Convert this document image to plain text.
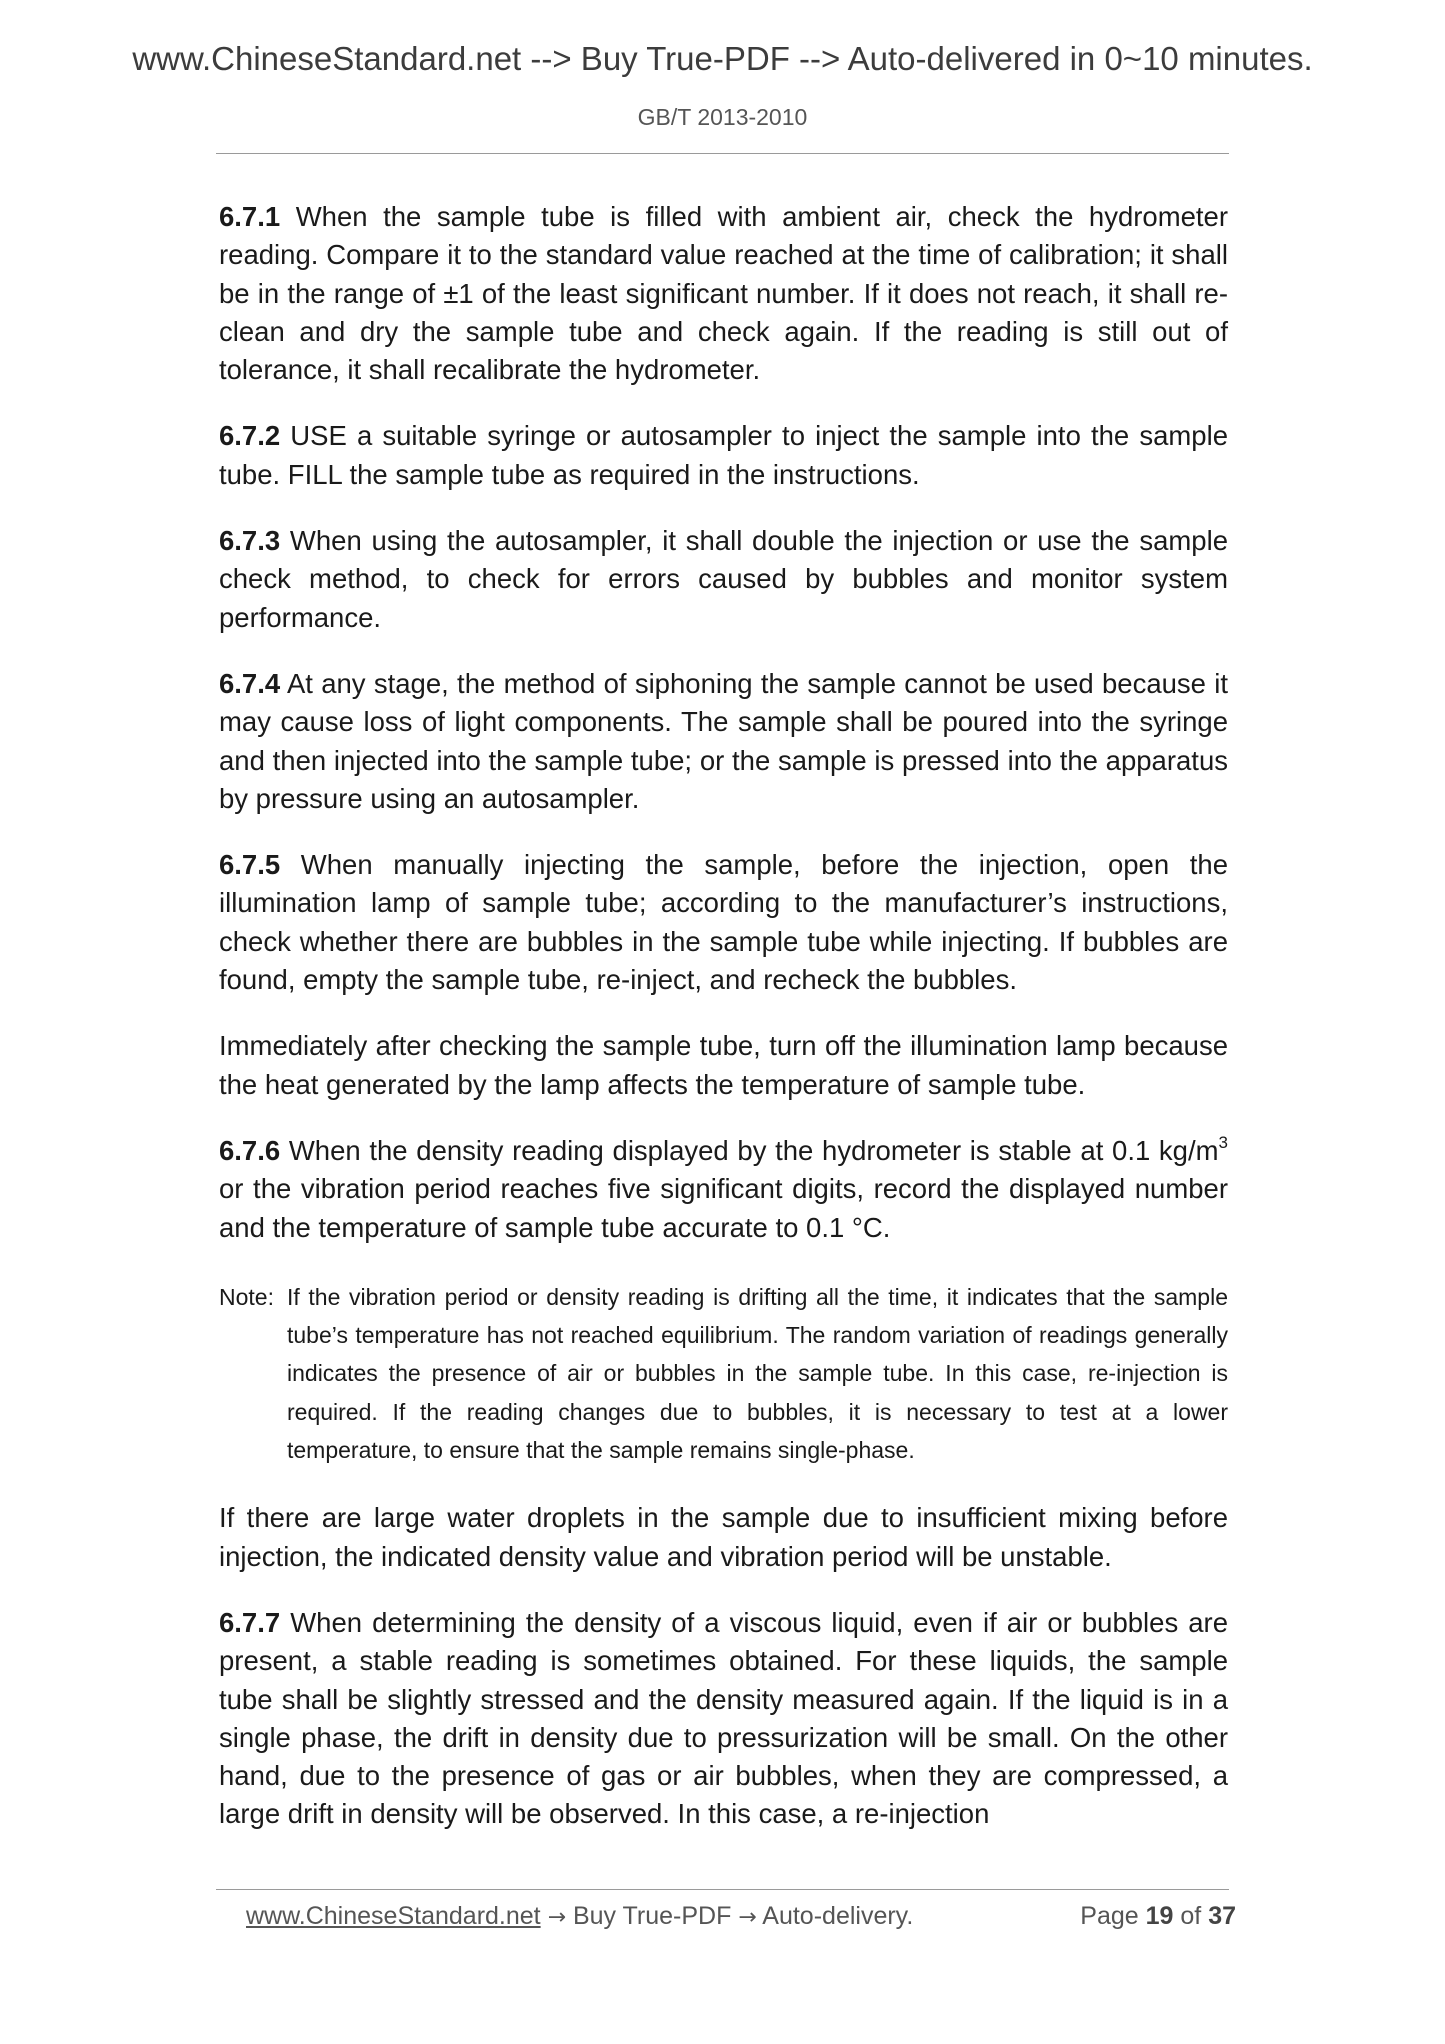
www.ChineseStandard.net --> Buy True-PDF --> Auto-delivered in 0~10 minutes.
GB/T 2013-2010

6.7.1 When the sample tube is filled with ambient air, check the hydrometer reading. Compare it to the standard value reached at the time of calibration; it shall be in the range of ±1 of the least significant number. If it does not reach, it shall re-clean and dry the sample tube and check again. If the reading is still out of tolerance, it shall recalibrate the hydrometer.

6.7.2 USE a suitable syringe or autosampler to inject the sample into the sample tube. FILL the sample tube as required in the instructions.

6.7.3 When using the autosampler, it shall double the injection or use the sample check method, to check for errors caused by bubbles and monitor system performance.

6.7.4 At any stage, the method of siphoning the sample cannot be used because it may cause loss of light components. The sample shall be poured into the syringe and then injected into the sample tube; or the sample is pressed into the apparatus by pressure using an autosampler.

6.7.5 When manually injecting the sample, before the injection, open the illumination lamp of sample tube; according to the manufacturer’s instructions, check whether there are bubbles in the sample tube while injecting. If bubbles are found, empty the sample tube, re-inject, and recheck the bubbles.

Immediately after checking the sample tube, turn off the illumination lamp because the heat generated by the lamp affects the temperature of sample tube.

6.7.6 When the density reading displayed by the hydrometer is stable at 0.1 $kg/m^3$ or the vibration period reaches five significant digits, record the displayed number and the temperature of sample tube accurate to 0.1 °C.

Note: If the vibration period or density reading is drifting all the time, it indicates that the sample tube’s temperature has not reached equilibrium. The random variation of readings generally indicates the presence of air or bubbles in the sample tube. In this case, re-injection is required. If the reading changes due to bubbles, it is necessary to test at a lower temperature, to ensure that the sample remains single-phase.

If there are large water droplets in the sample due to insufficient mixing before injection, the indicated density value and vibration period will be unstable.

6.7.7 When determining the density of a viscous liquid, even if air or bubbles are present, a stable reading is sometimes obtained. For these liquids, the sample tube shall be slightly stressed and the density measured again. If the liquid is in a single phase, the drift in density due to pressurization will be small. On the other hand, due to the presence of gas or air bubbles, when they are compressed, a large drift in density will be observed. In this case, a re-injection

www.ChineseStandard.net → Buy True-PDF → Auto-delivery.	Page 19 of 37
